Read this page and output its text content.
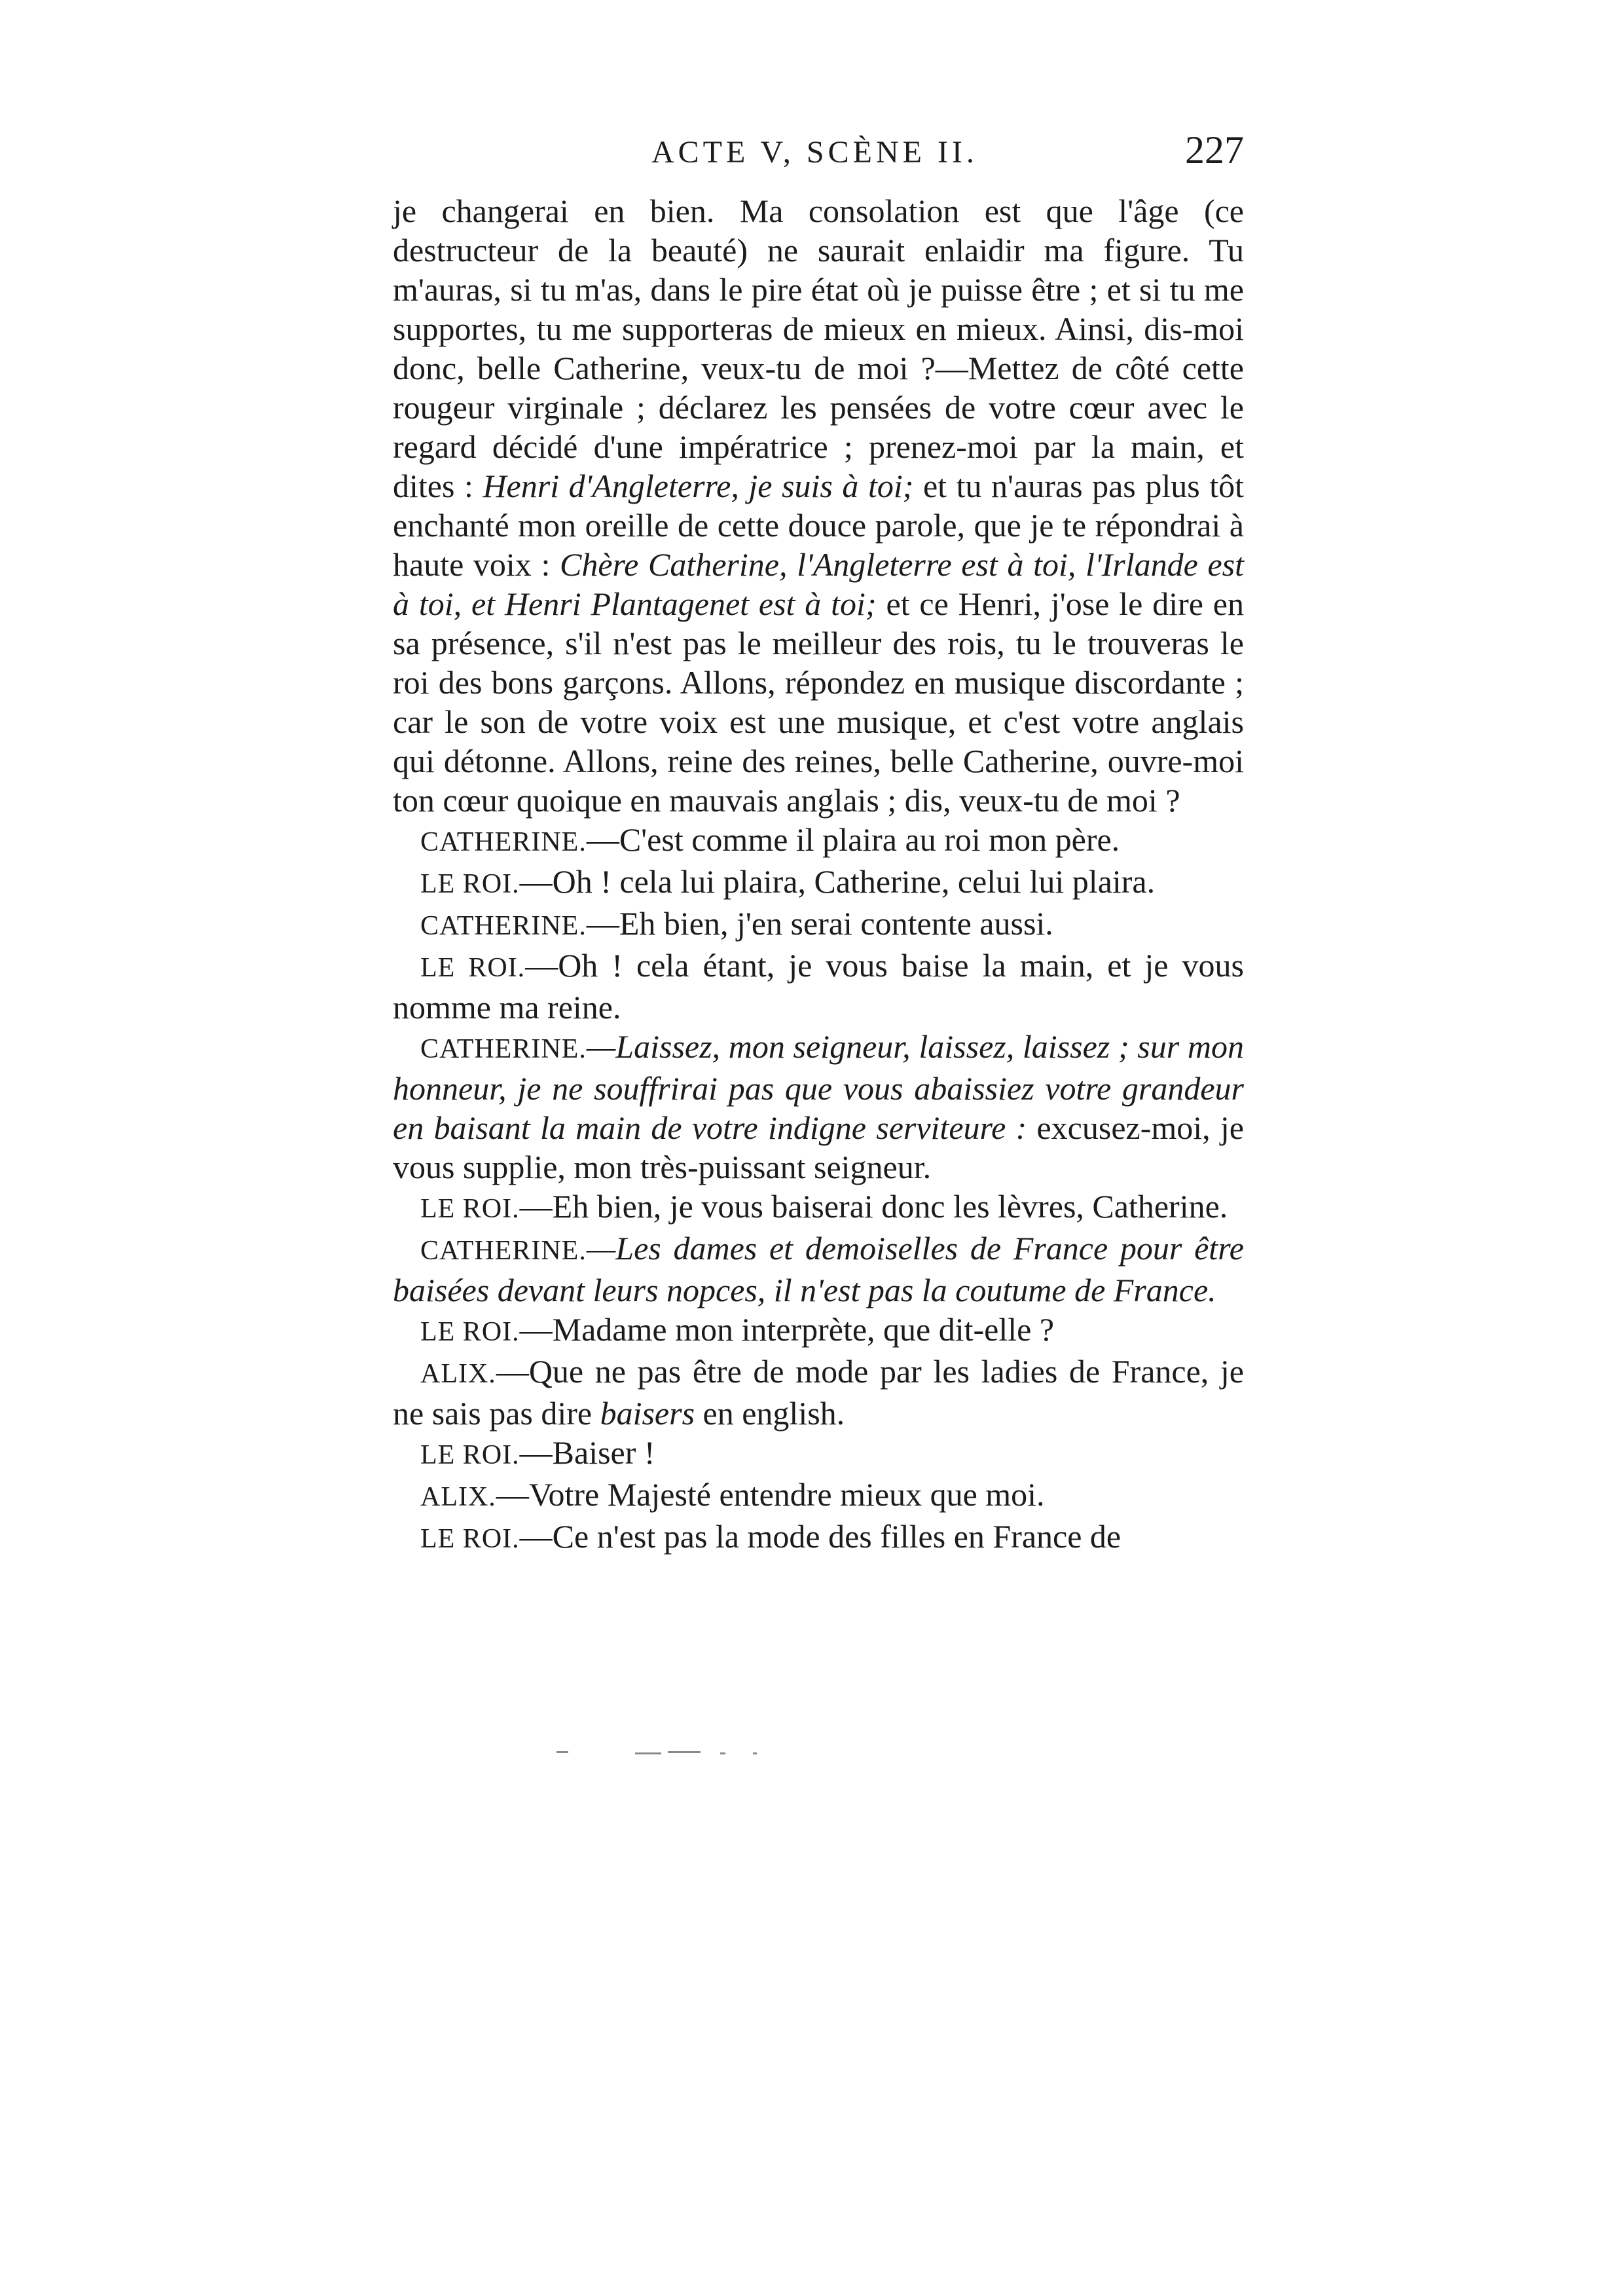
ACTE V, SCÈNE II.	227

je changerai en bien. Ma consolation est que l'âge (ce destructeur de la beauté) ne saurait enlaidir ma figure. Tu m'auras, si tu m'as, dans le pire état où je puisse être ; et si tu me supportes, tu me supporteras de mieux en mieux. Ainsi, dis-moi donc, belle Catherine, veux-tu de moi ?—Mettez de côté cette rougeur virginale ; déclarez les pensées de votre cœur avec le regard décidé d'une impératrice ; prenez-moi par la main, et dites : Henri d'Angleterre, je suis à toi; et tu n'auras pas plus tôt enchanté mon oreille de cette douce parole, que je te répondrai à haute voix : Chère Catherine, l'Angleterre est à toi, l'Irlande est à toi, et Henri Plantagenet est à toi; et ce Henri, j'ose le dire en sa présence, s'il n'est pas le meilleur des rois, tu le trouveras le roi des bons garçons. Allons, répondez en musique discordante ; car le son de votre voix est une musique, et c'est votre anglais qui détonne. Allons, reine des reines, belle Catherine, ouvre-moi ton cœur quoique en mauvais anglais ; dis, veux-tu de moi ?

CATHERINE.—C'est comme il plaira au roi mon père.

LE ROI.—Oh ! cela lui plaira, Catherine, celui lui plaira.

CATHERINE.—Eh bien, j'en serai contente aussi.

LE ROI.—Oh ! cela étant, je vous baise la main, et je vous nomme ma reine.

CATHERINE.—Laissez, mon seigneur, laissez, laissez ; sur mon honneur, je ne souffrirai pas que vous abaissiez votre grandeur en baisant la main de votre indigne serviteure : excusez-moi, je vous supplie, mon très-puissant seigneur.

LE ROI.—Eh bien, je vous baiserai donc les lèvres, Catherine.

CATHERINE.—Les dames et demoiselles de France pour être baisées devant leurs nopces, il n'est pas la coutume de France.

LE ROI.—Madame mon interprète, que dit-elle ?

ALIX.—Que ne pas être de mode par les ladies de France, je ne sais pas dire baisers en english.

LE ROI.—Baiser !

ALIX.—Votre Majesté entendre mieux que moi.

LE ROI.—Ce n'est pas la mode des filles en France de
